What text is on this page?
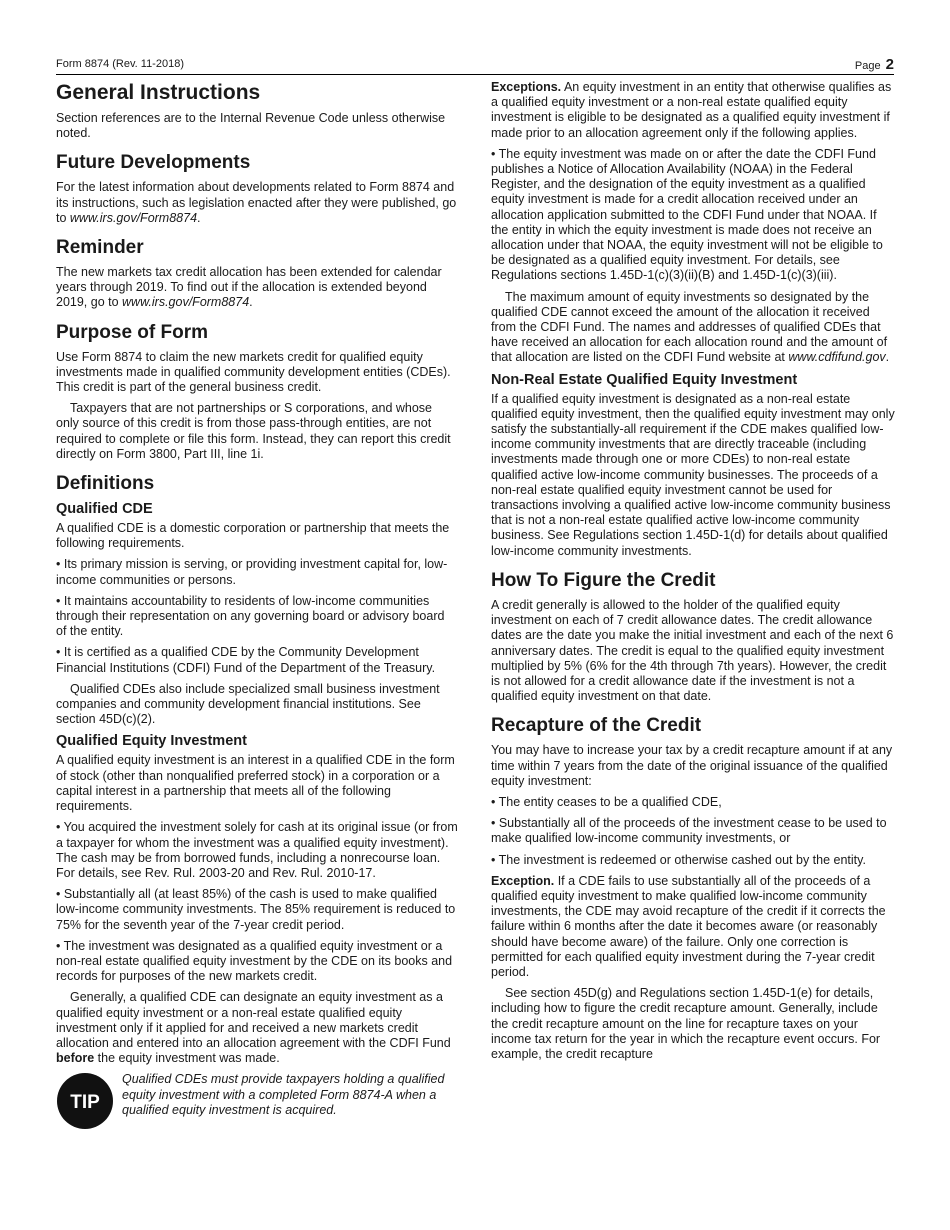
Form 8874 (Rev. 11-2018)	Page 2
General Instructions

Section references are to the Internal Revenue Code unless otherwise noted.

Future Developments

For the latest information about developments related to Form 8874 and its instructions, such as legislation enacted after they were published, go to www.irs.gov/Form8874.

Reminder

The new markets tax credit allocation has been extended for calendar years through 2019. To find out if the allocation is extended beyond 2019, go to www.irs.gov/Form8874.

Purpose of Form

Use Form 8874 to claim the new markets credit for qualified equity investments made in qualified community development entities (CDEs). This credit is part of the general business credit.

Taxpayers that are not partnerships or S corporations, and whose only source of this credit is from those pass-through entities, are not required to complete or file this form. Instead, they can report this credit directly on Form 3800, Part III, line 1i.

Definitions
Qualified CDE

A qualified CDE is a domestic corporation or partnership that meets the following requirements.

• Its primary mission is serving, or providing investment capital for, low-income communities or persons.

• It maintains accountability to residents of low-income communities through their representation on any governing board or advisory board of the entity.

• It is certified as a qualified CDE by the Community Development Financial Institutions (CDFI) Fund of the Department of the Treasury.

Qualified CDEs also include specialized small business investment companies and community development financial institutions. See section 45D(c)(2).

Qualified Equity Investment

A qualified equity investment is an interest in a qualified CDE in the form of stock (other than nonqualified preferred stock) in a corporation or a capital interest in a partnership that meets all of the following requirements.

• You acquired the investment solely for cash at its original issue (or from a taxpayer for whom the investment was a qualified equity investment). The cash may be from borrowed funds, including a nonrecourse loan. For details, see Rev. Rul. 2003-20 and Rev. Rul. 2010-17.

• Substantially all (at least 85%) of the cash is used to make qualified low-income community investments. The 85% requirement is reduced to 75% for the seventh year of the 7-year credit period.

• The investment was designated as a qualified equity investment or a non-real estate qualified equity investment by the CDE on its books and records for purposes of the new markets credit.

Generally, a qualified CDE can designate an equity investment as a qualified equity investment or a non-real estate qualified equity investment only if it applied for and received a new markets credit allocation and entered into an allocation agreement with the CDFI Fund before the equity investment was made.

TIP
Qualified CDEs must provide taxpayers holding a qualified equity investment with a completed Form 8874-A when a qualified equity investment is acquired.

Exceptions. An equity investment in an entity that otherwise qualifies as a qualified equity investment or a non-real estate qualified equity investment is eligible to be designated as a qualified equity investment if made prior to an allocation agreement only if the following applies.

• The equity investment was made on or after the date the CDFI Fund publishes a Notice of Allocation Availability (NOAA) in the Federal Register, and the designation of the equity investment as a qualified equity investment is made for a credit allocation received under an allocation application submitted to the CDFI Fund under that NOAA. If the entity in which the equity investment is made does not receive an allocation under that NOAA, the equity investment will not be eligible to be designated as a qualified equity investment. For details, see Regulations sections 1.45D-1(c)(3)(ii)(B) and 1.45D-1(c)(3)(iii).

The maximum amount of equity investments so designated by the qualified CDE cannot exceed the amount of the allocation it received from the CDFI Fund. The names and addresses of qualified CDEs that have received an allocation for each allocation round and the amount of that allocation are listed on the CDFI Fund website at www.cdfifund.gov.

Non-Real Estate Qualified Equity Investment

If a qualified equity investment is designated as a non-real estate qualified equity investment, then the qualified equity investment may only satisfy the substantially-all requirement if the CDE makes qualified low-income community investments that are directly traceable (including investments made through one or more CDEs) to non-real estate qualified active low-income community businesses. The proceeds of a non-real estate qualified equity investment cannot be used for transactions involving a qualified active low-income community business that is not a non-real estate qualified active low-income community business. See Regulations section 1.45D-1(d) for details about qualified low-income community investments.

How To Figure the Credit

A credit generally is allowed to the holder of the qualified equity investment on each of 7 credit allowance dates. The credit allowance dates are the date you make the initial investment and each of the next 6 anniversary dates. The credit is equal to the qualified equity investment multiplied by 5% (6% for the 4th through 7th years). However, the credit is not allowed for a credit allowance date if the investment is not a qualified equity investment on that date.

Recapture of the Credit

You may have to increase your tax by a credit recapture amount if at any time within 7 years from the date of the original issuance of the qualified equity investment:

• The entity ceases to be a qualified CDE,

• Substantially all of the proceeds of the investment cease to be used to make qualified low-income community investments, or

• The investment is redeemed or otherwise cashed out by the entity.

Exception. If a CDE fails to use substantially all of the proceeds of a qualified equity investment to make qualified low-income community investments, the CDE may avoid recapture of the credit if it corrects the failure within 6 months after the date it becomes aware (or reasonably should have become aware) of the failure. Only one correction is permitted for each qualified equity investment during the 7-year credit period.

See section 45D(g) and Regulations section 1.45D-1(e) for details, including how to figure the credit recapture amount. Generally, include the credit recapture amount on the line for recapture taxes on your income tax return for the year in which the recapture event occurs. For example, the credit recapture
